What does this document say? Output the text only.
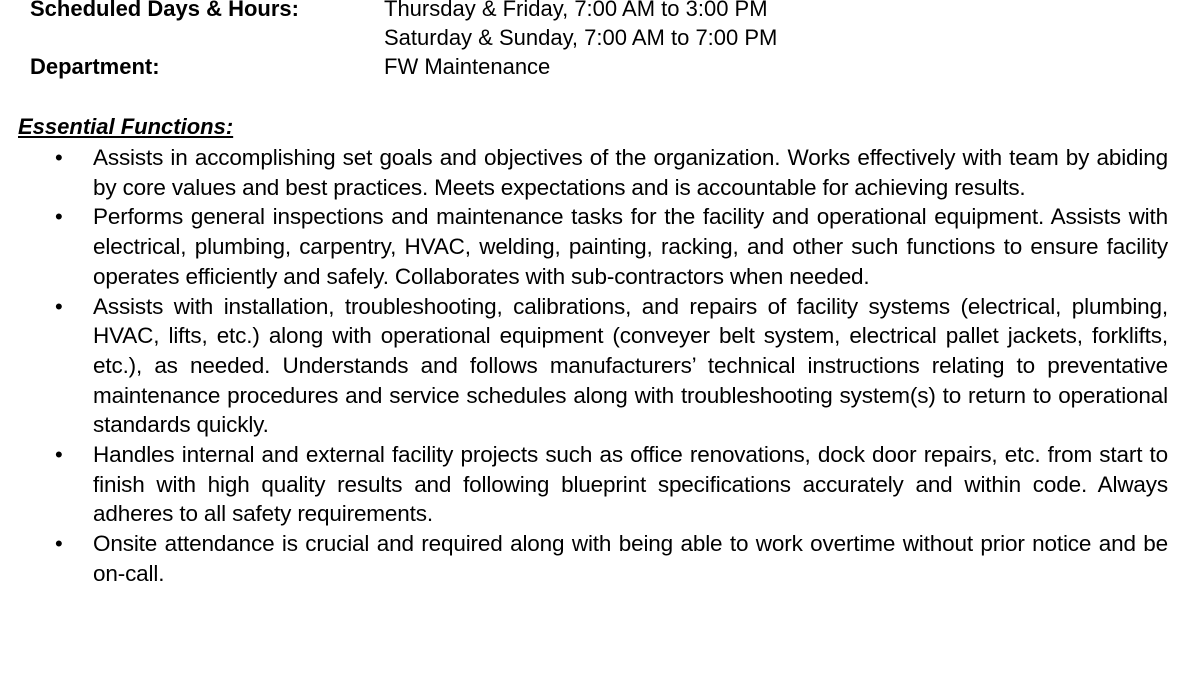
Scheduled Days & Hours:	Thursday & Friday, 7:00 AM to 3:00 PM
Saturday & Sunday, 7:00 AM to 7:00 PM
Department:	FW Maintenance
Essential Functions:
• Assists in accomplishing set goals and objectives of the organization. Works effectively with team by abiding by core values and best practices. Meets expectations and is accountable for achieving results.
• Performs general inspections and maintenance tasks for the facility and operational equipment. Assists with electrical, plumbing, carpentry, HVAC, welding, painting, racking, and other such functions to ensure facility operates efficiently and safely. Collaborates with sub-contractors when needed.
• Assists with installation, troubleshooting, calibrations, and repairs of facility systems (electrical, plumbing, HVAC, lifts, etc.) along with operational equipment (conveyer belt system, electrical pallet jackets, forklifts, etc.), as needed. Understands and follows manufacturers’ technical instructions relating to preventative maintenance procedures and service schedules along with troubleshooting system(s) to return to operational standards quickly.
• Handles internal and external facility projects such as office renovations, dock door repairs, etc. from start to finish with high quality results and following blueprint specifications accurately and within code. Always adheres to all safety requirements.
• Onsite attendance is crucial and required along with being able to work overtime without prior notice and be on-call.
